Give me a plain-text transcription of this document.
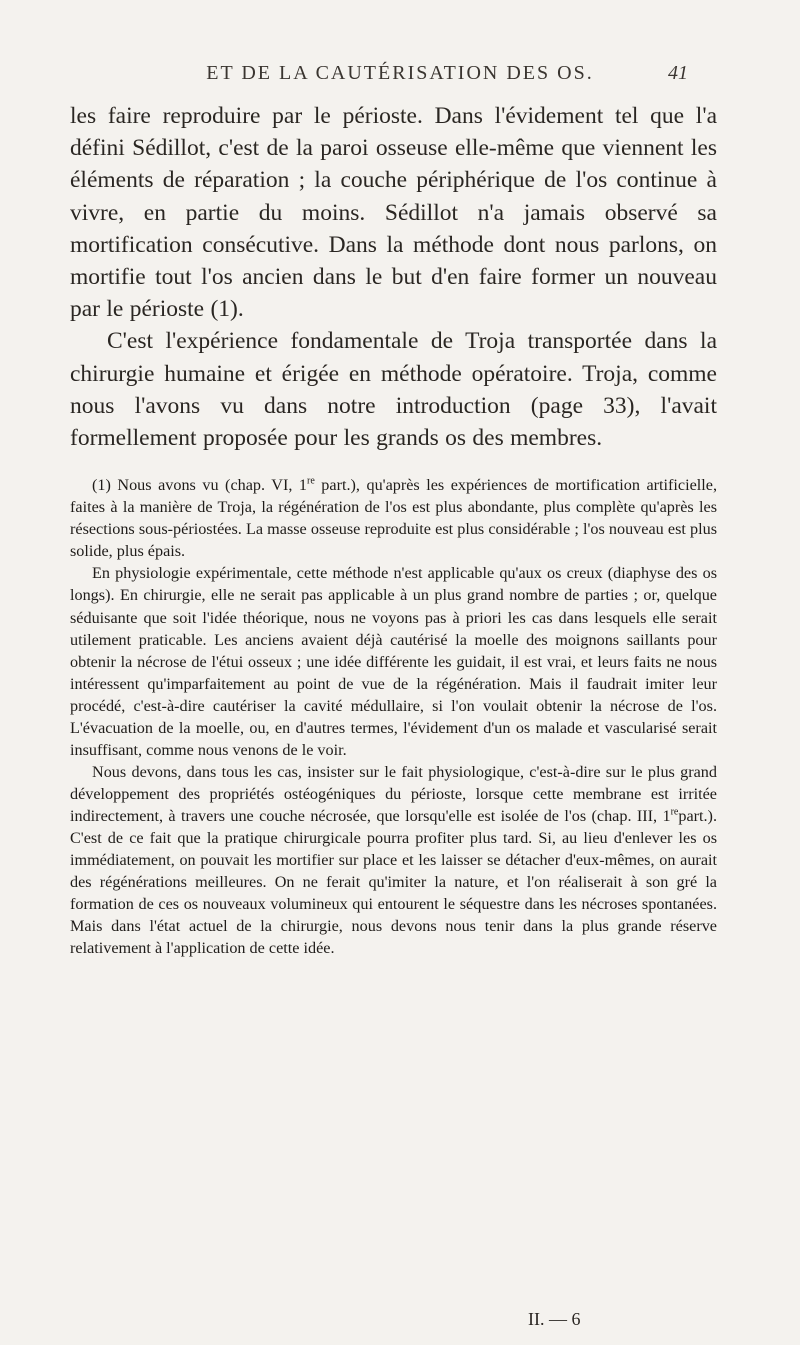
ET DE LA CAUTÉRISATION DES OS.	41

les faire reproduire par le périoste. Dans l'évidement tel que l'a défini Sédillot, c'est de la paroi osseuse elle-même que viennent les éléments de réparation ; la couche périphérique de l'os continue à vivre, en partie du moins. Sédillot n'a jamais observé sa mortification consécutive. Dans la méthode dont nous parlons, on mortifie tout l'os ancien dans le but d'en faire former un nouveau par le périoste (1).

C'est l'expérience fondamentale de Troja transportée dans la chirurgie humaine et érigée en méthode opératoire. Troja, comme nous l'avons vu dans notre introduction (page 33), l'avait formellement proposée pour les grands os des membres.

(1) Nous avons vu (chap. VI, 1re part.), qu'après les expériences de mortification artificielle, faites à la manière de Troja, la régénération de l'os est plus abondante, plus complète qu'après les résections sous-périostées. La masse osseuse reproduite est plus considérable ; l'os nouveau est plus solide, plus épais.

En physiologie expérimentale, cette méthode n'est applicable qu'aux os creux (diaphyse des os longs). En chirurgie, elle ne serait pas applicable à un plus grand nombre de parties ; or, quelque séduisante que soit l'idée théorique, nous ne voyons pas à priori les cas dans lesquels elle serait utilement praticable. Les anciens avaient déjà cautérisé la moelle des moignons saillants pour obtenir la nécrose de l'étui osseux ; une idée différente les guidait, il est vrai, et leurs faits ne nous intéressent qu'imparfaitement au point de vue de la régénération. Mais il faudrait imiter leur procédé, c'est-à-dire cautériser la cavité médullaire, si l'on voulait obtenir la nécrose de l'os. L'évacuation de la moelle, ou, en d'autres termes, l'évidement d'un os malade et vascularisé serait insuffisant, comme nous venons de le voir.

Nous devons, dans tous les cas, insister sur le fait physiologique, c'est-à-dire sur le plus grand développement des propriétés ostéogéniques du périoste, lorsque cette membrane est irritée indirectement, à travers une couche nécrosée, que lorsqu'elle est isolée de l'os (chap. III, 1repart.). C'est de ce fait que la pratique chirurgicale pourra profiter plus tard. Si, au lieu d'enlever les os immédiatement, on pouvait les mortifier sur place et les laisser se détacher d'eux-mêmes, on aurait des régénérations meilleures. On ne ferait qu'imiter la nature, et l'on réaliserait à son gré la formation de ces os nouveaux volumineux qui entourent le séquestre dans les nécroses spontanées. Mais dans l'état actuel de la chirurgie, nous devons nous tenir dans la plus grande réserve relativement à l'application de cette idée.

II. — 6
